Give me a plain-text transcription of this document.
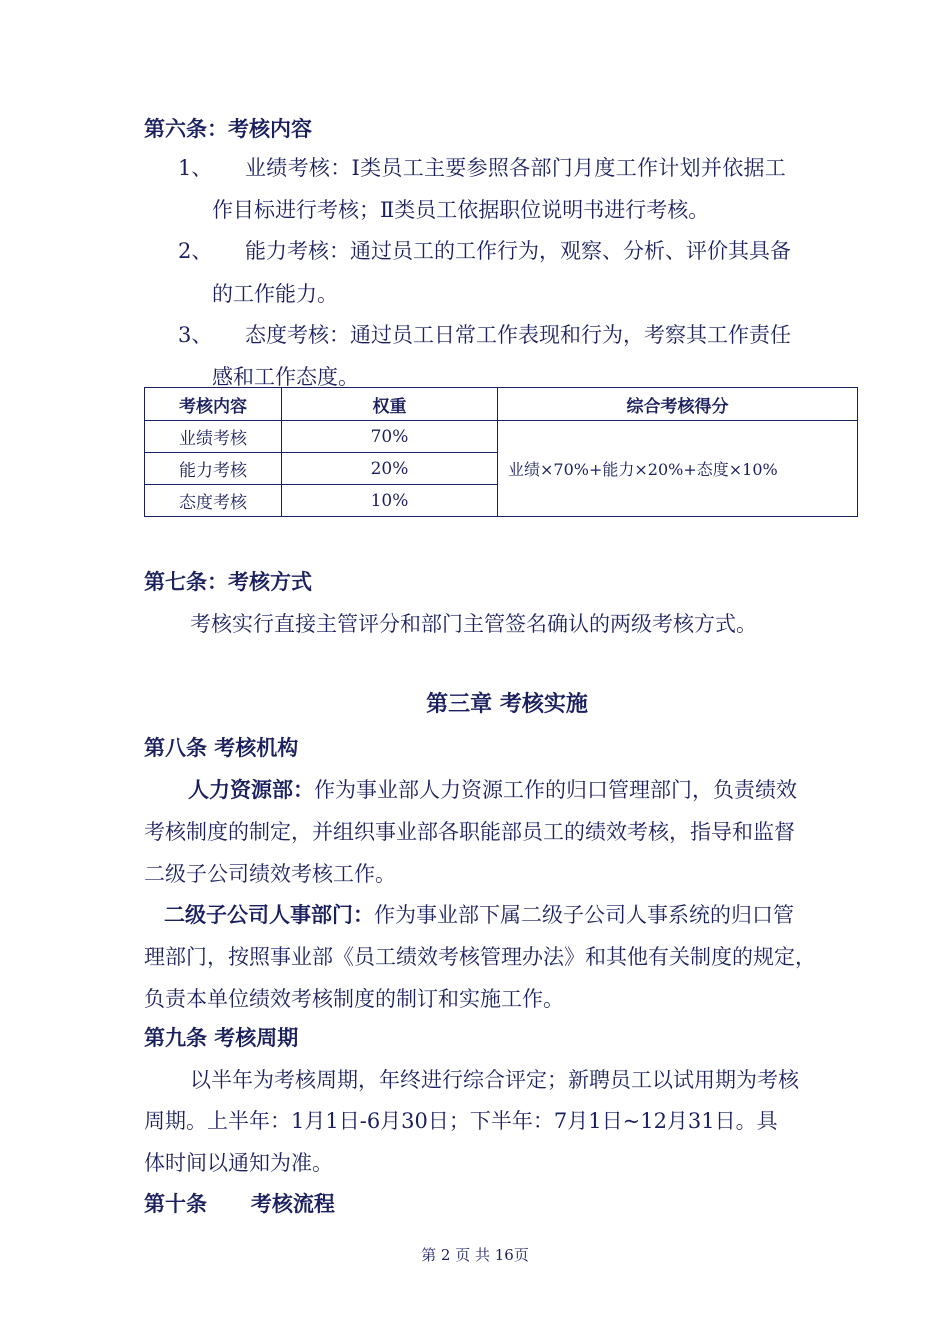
第六条：考核内容
1、 业绩考核：Ⅰ类员工主要参照各部门月度工作计划并依据工
作目标进行考核；Ⅱ类员工依据职位说明书进行考核。
2、 能力考核：通过员工的工作行为，观察、分析、评价其具备
的工作能力。
3、 态度考核：通过员工日常工作表现和行为，考察其工作责任
感和工作态度。
考核内容	权重	综合考核得分
业绩考核	70%	业绩×70%+能力×20%+态度×10%
能力考核	20%	
态度考核	10%	
第七条：考核方式
考核实行直接主管评分和部门主管签名确认的两级考核方式。
第三章 考核实施
第八条 考核机构
人力资源部：作为事业部人力资源工作的归口管理部门，负责绩效
考核制度的制定，并组织事业部各职能部员工的绩效考核，指导和监督
二级子公司绩效考核工作。
二级子公司人事部门：作为事业部下属二级子公司人事系统的归口管
理部门，按照事业部《员工绩效考核管理办法》和其他有关制度的规定，
负责本单位绩效考核制度的制订和实施工作。
第九条 考核周期
以半年为考核周期，年终进行综合评定；新聘员工以试用期为考核
周期。上半年：1月1日-6月30日；下半年：7月1日~12月31日。具
体时间以通知为准。
第十条      考核流程
第 2 页 共 16页
